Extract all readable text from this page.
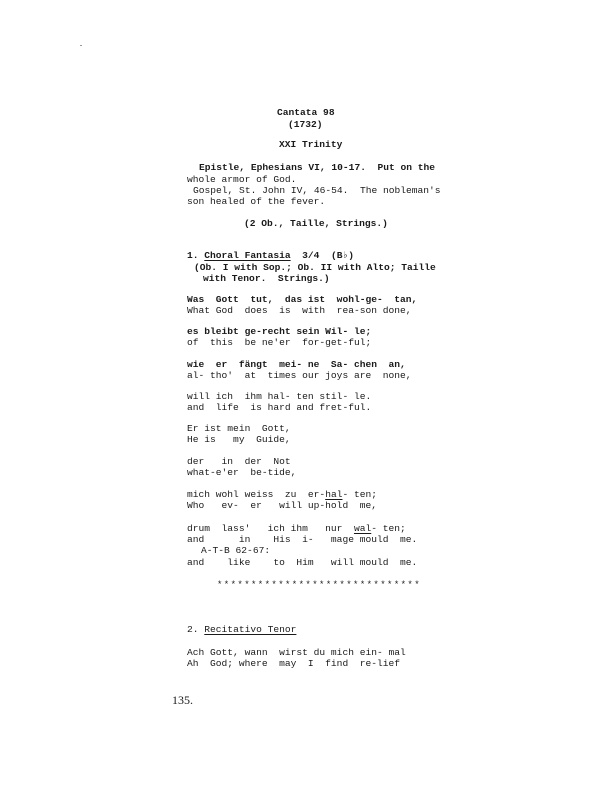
Cantata 98
(1732)
XXI Trinity
Epistle, Ephesians VI, 10-17.  Put on the
whole armor of God.
Gospel, St. John IV, 46-54.  The nobleman's
son healed of the fever.
(2 Ob., Taille, Strings.)
1. Choral Fantasia  3/4  (B♭)
(Ob. I with Sop.; Ob. II with Alto; Taille
with Tenor.  Strings.)
Was  Gott  tut,  das ist  wohl-ge-  tan,
What God  does  is  with  rea-son done,
es bleibt ge-recht sein Wil- le;
of  this  be ne'er  for-get-ful;
wie  er  fängt  mei- ne  Sa- chen  an,
al- tho'  at  times our joys are  none,
will ich  ihm hal- ten stil- le.
and  life  is hard and fret-ful.
Er ist mein  Gott,
He is   my  Guide,
der   in  der  Not
what-e'er  be-tide,
mich wohl weiss  zu  er-hal- ten;
Who   ev-  er   will up-hold  me,
drum  lass'   ich ihm   nur  wal- ten;
and      in    His  i-   mage mould  me.
A-T-B 62-67:
and    like    to  Him   will mould  me.
******************************
2. Recitativo Tenor
Ach Gott, wann  wirst du mich ein- mal
Ah  God; where  may  I  find  re-lief
135.
